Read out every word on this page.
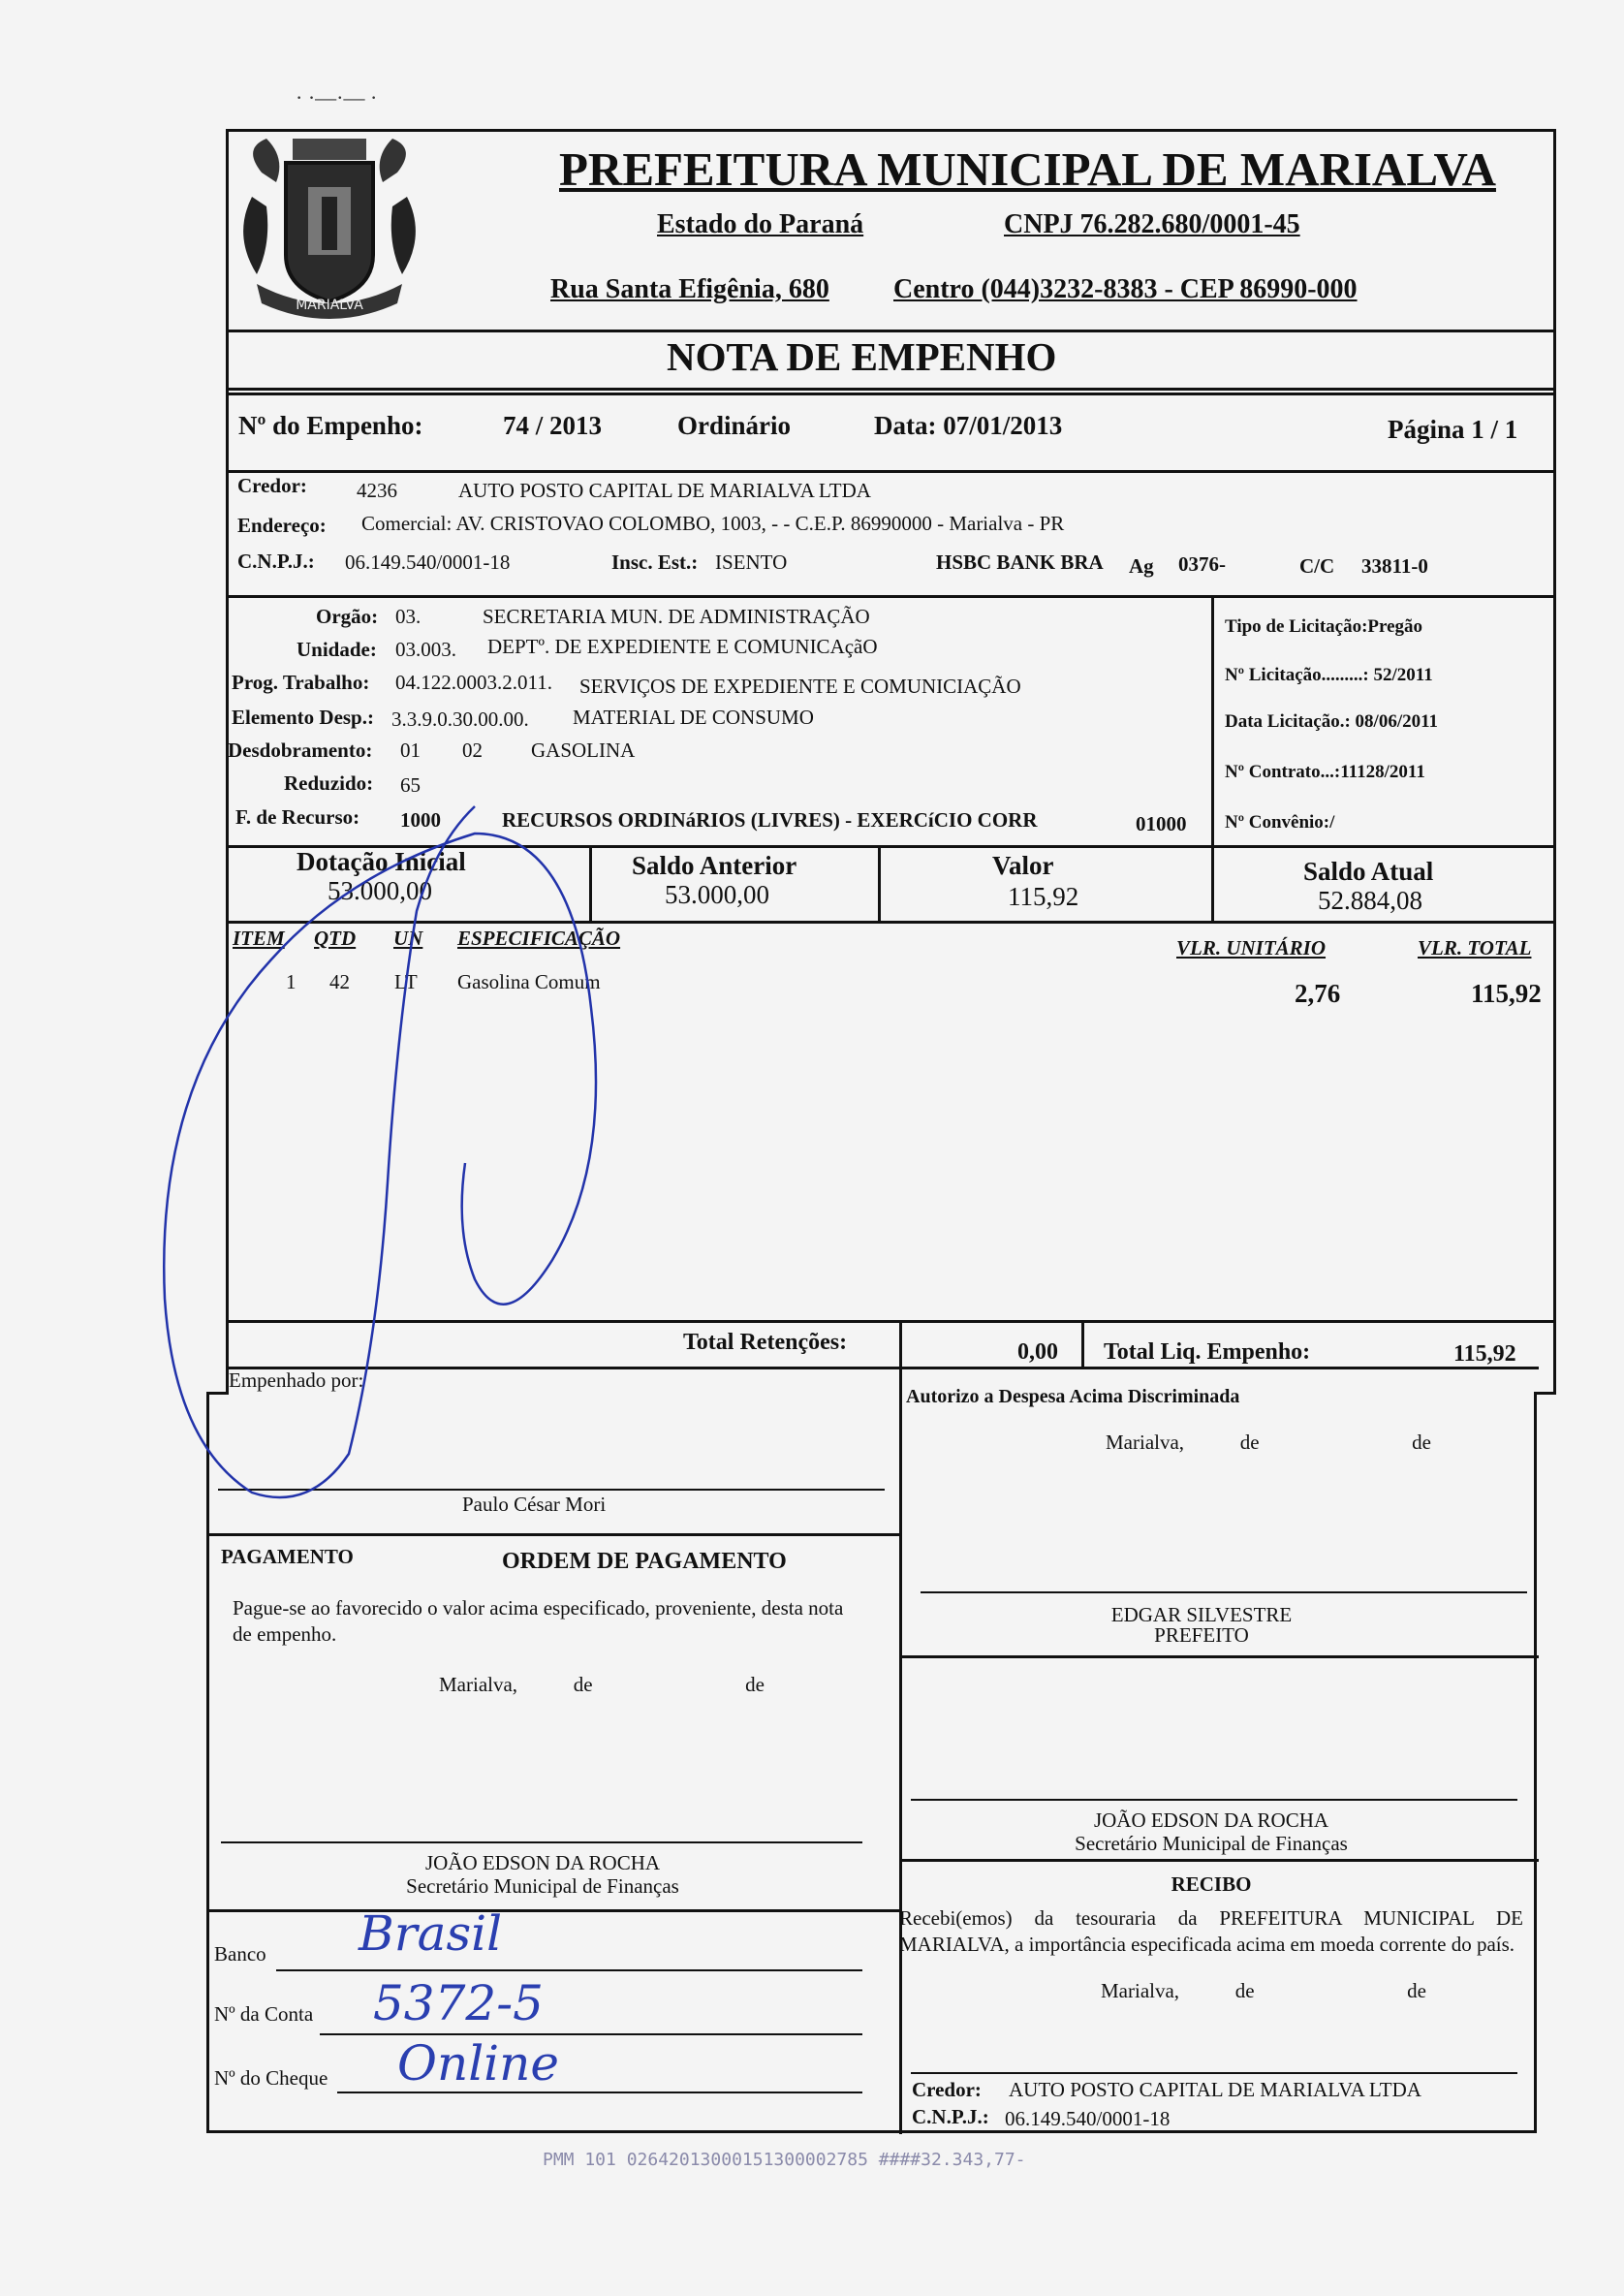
· ·—·— ·
MARIALVA
PREFEITURA MUNICIPAL DE MARIALVA
Estado do Paraná	CNPJ 76.282.680/0001-45
Rua Santa Efigênia, 680 Centro (044)3232-8383 - CEP 86990-000
NOTA DE EMPENHO
Nº do Empenho:	74 / 2013	Ordinário	Data: 07/01/2013	Página 1 / 1
Credor: 4236	AUTO POSTO CAPITAL DE MARIALVA LTDA
Endereço: Comercial: AV. CRISTOVAO COLOMBO, 1003, - - C.E.P. 86990000 - Marialva - PR
C.N.P.J.: 06.149.540/0001-18	Insc. Est.: ISENTO	HSBC BANK BRA Ag 0376-	C/C 33811-0
Orgão: 03.	SECRETARIA MUN. DE ADMINISTRAÇÃO
Unidade: 03.003. DEPTº. DE EXPEDIENTE E COMUNICAçãO
Prog. Trabalho: 04.122.0003.2.011. SERVIÇOS DE EXPEDIENTE E COMUNICIAÇÃO
Elemento Desp.: 3.3.9.0.30.00.00. MATERIAL DE CONSUMO
Desdobramento: 01 02 GASOLINA
Reduzido: 65
F. de Recurso: 1000	RECURSOS ORDINáRIOS (LIVRES) - EXERCíCIO CORR	01000
Tipo de Licitação:Pregão
Nº Licitação.........: 52/2011
Data Licitação.: 08/06/2011
Nº Contrato...:11128/2011
Nº Convênio:/
Dotação Inicial
53.000,00
Saldo Anterior
53.000,00
Valor
115,92
Saldo Atual
52.884,08
ITEM QTD UN ESPECIFICAÇÃO	VLR. UNITÁRIO	VLR. TOTAL
1 42 LT Gasolina Comum	2,76	115,92
Total Retenções:	0,00 Total Liq. Empenho:	115,92
Empenhado por:
Paulo César Mori
Autorizo a Despesa Acima Discriminada
Marialva,           de                              de
EDGAR SILVESTRE
PREFEITO
PAGAMENTO	ORDEM DE PAGAMENTO
Pague-se ao favorecido o valor acima especificado, proveniente, desta nota de empenho.
Marialva,           de                              de
JOÃO EDSON DA ROCHA
Secretário Municipal de Finanças
JOÃO EDSON DA ROCHA
Secretário Municipal de Finanças
RECIBO
Recebi(emos) da tesouraria da PREFEITURA MUNICIPAL DE MARIALVA, a importância especificada acima em moeda corrente do país.
Marialva,           de                              de
Credor: AUTO POSTO CAPITAL DE MARIALVA LTDA
C.N.P.J.: 06.149.540/0001-18
Banco Brasil
Nº da Conta 5372-5
Nº do Cheque Online
PMM 101 02642013000151300002785 ####32.343,77-
